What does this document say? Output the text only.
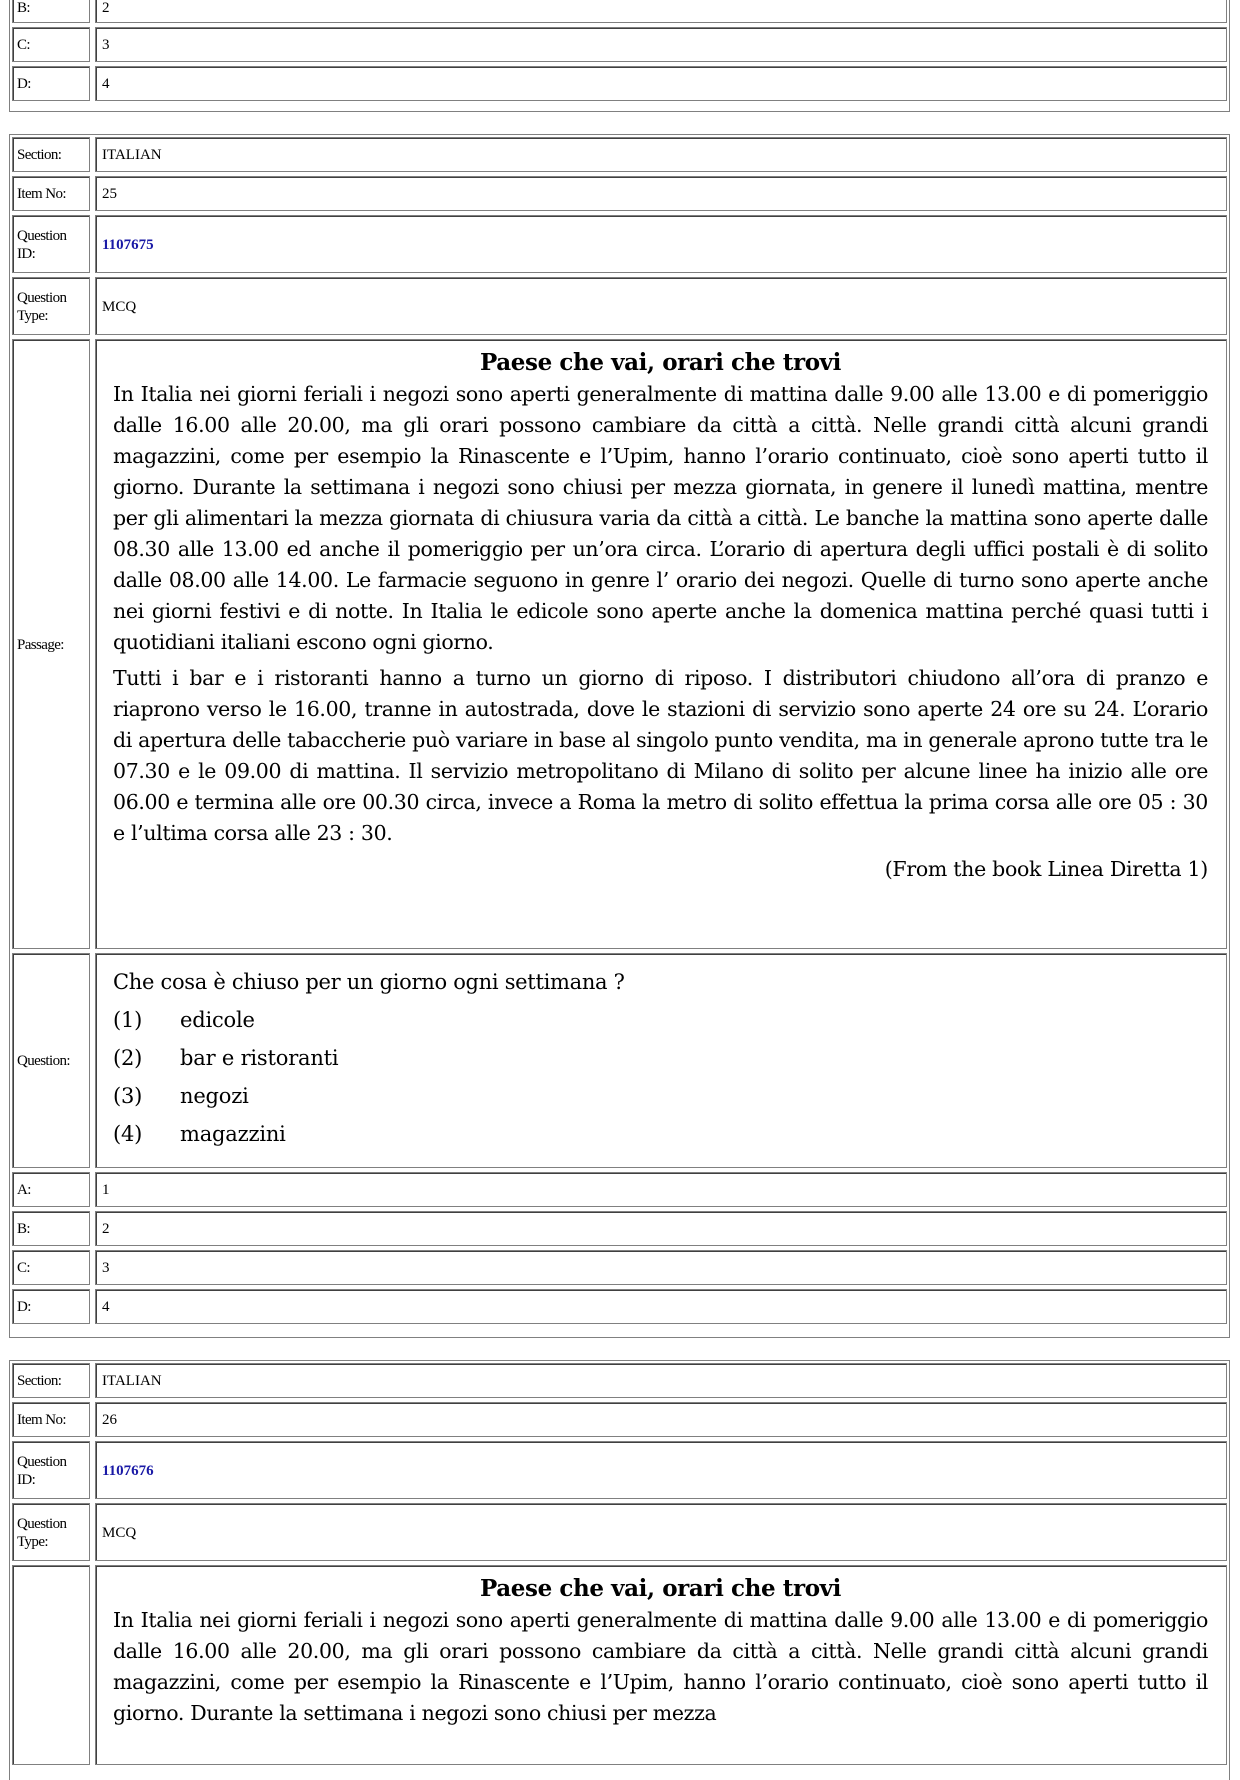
B:	2
C:	3
D:	4
Section:	ITALIAN
Item No:	25
Question ID:
1107675
Question Type:
MCQ
Passage:
Paese che vai, orari che trovi

In Italia nei giorni feriali i negozi sono aperti generalmente di mattina dalle 9.00 alle 13.00 e di pomeriggio dalle 16.00 alle 20.00, ma gli orari possono cambiare da città a città. Nelle grandi città alcuni grandi magazzini, come per esempio la Rinascente e l’Upim, hanno l’orario continuato, cioè sono aperti tutto il giorno. Durante la settimana i negozi sono chiusi per mezza giornata, in genere il lunedì mattina, mentre per gli alimentari la mezza giornata di chiusura varia da città a città. Le banche la mattina sono aperte dalle 08.30 alle 13.00 ed anche il pomeriggio per un’ora circa. L’orario di apertura degli uffici postali è di solito dalle 08.00 alle 14.00. Le farmacie seguono in genre l’ orario dei negozi. Quelle di turno sono aperte anche nei giorni festivi e di notte. In Italia le edicole sono aperte anche la domenica mattina perché quasi tutti i quotidiani italiani escono ogni giorno.

Tutti i bar e i ristoranti hanno a turno un giorno di riposo. I distributori chiudono all’ora di pranzo e riaprono verso le 16.00, tranne in autostrada, dove le stazioni di servizio sono aperte 24 ore su 24. L’orario di apertura delle tabaccherie può variare in base al singolo punto vendita, ma in generale aprono tutte tra le 07.30 e le 09.00 di mattina. Il servizio metropolitano di Milano di solito per alcune linee ha inizio alle ore 06.00 e termina alle ore 00.30 circa, invece a Roma la metro di solito effettua la prima corsa alle ore 05 : 30 e l’ultima corsa alle 23 : 30.

(From the book Linea Diretta 1)
Question:
Che cosa è chiuso per un giorno ogni settimana ?
(1)	edicole
(2)	bar e ristoranti
(3)	negozi
(4)	magazzini
A:	1
B:	2
C:	3
D:	4
Section:	ITALIAN
Item No:	26
Question ID:
1107676
Question Type:
MCQ
Paese che vai, orari che trovi

In Italia nei giorni feriali i negozi sono aperti generalmente di mattina dalle 9.00 alle 13.00 e di pomeriggio dalle 16.00 alle 20.00, ma gli orari possono cambiare da città a città. Nelle grandi città alcuni grandi magazzini, come per esempio la Rinascente e l’Upim, hanno l’orario continuato, cioè sono aperti tutto il giorno. Durante la settimana i negozi sono chiusi per mezza
